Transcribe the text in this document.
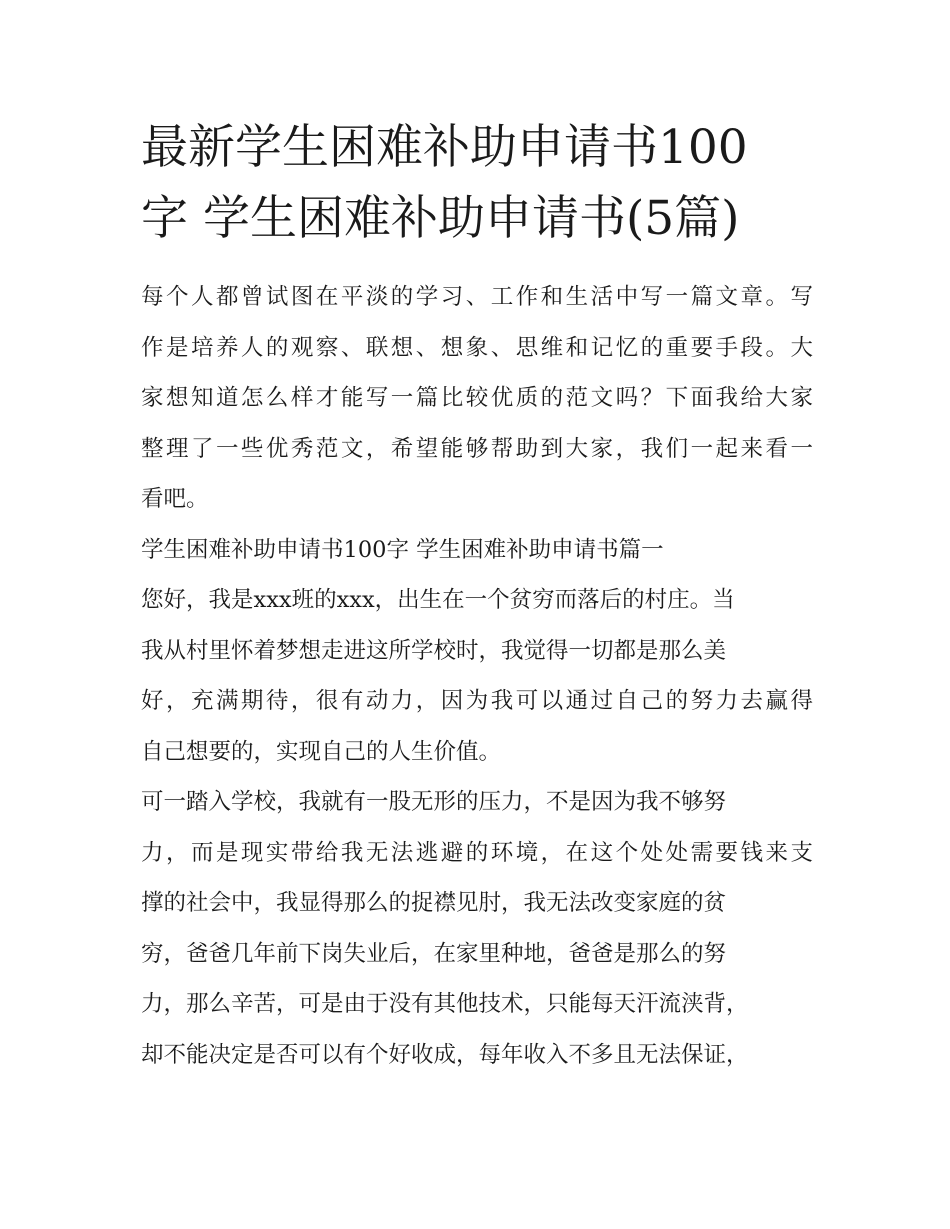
最新学生困难补助申请书100
字 学生困难补助申请书(5篇)
每个人都曾试图在平淡的学习、工作和生活中写一篇文章。写
作是培养人的观察、联想、想象、思维和记忆的重要手段。大
家想知道怎么样才能写一篇比较优质的范文吗？下面我给大家
整理了一些优秀范文，希望能够帮助到大家，我们一起来看一
看吧。
学生困难补助申请书100字 学生困难补助申请书篇一
您好，我是xxx班的xxx，出生在一个贫穷而落后的村庄。当
我从村里怀着梦想走进这所学校时，我觉得一切都是那么美
好，充满期待，很有动力，因为我可以通过自己的努力去赢得
自己想要的，实现自己的人生价值。
可一踏入学校，我就有一股无形的压力，不是因为我不够努
力，而是现实带给我无法逃避的环境，在这个处处需要钱来支
撑的社会中，我显得那么的捉襟见肘，我无法改变家庭的贫
穷，爸爸几年前下岗失业后，在家里种地，爸爸是那么的努
力，那么辛苦，可是由于没有其他技术，只能每天汗流浃背，
却不能决定是否可以有个好收成，每年收入不多且无法保证，
